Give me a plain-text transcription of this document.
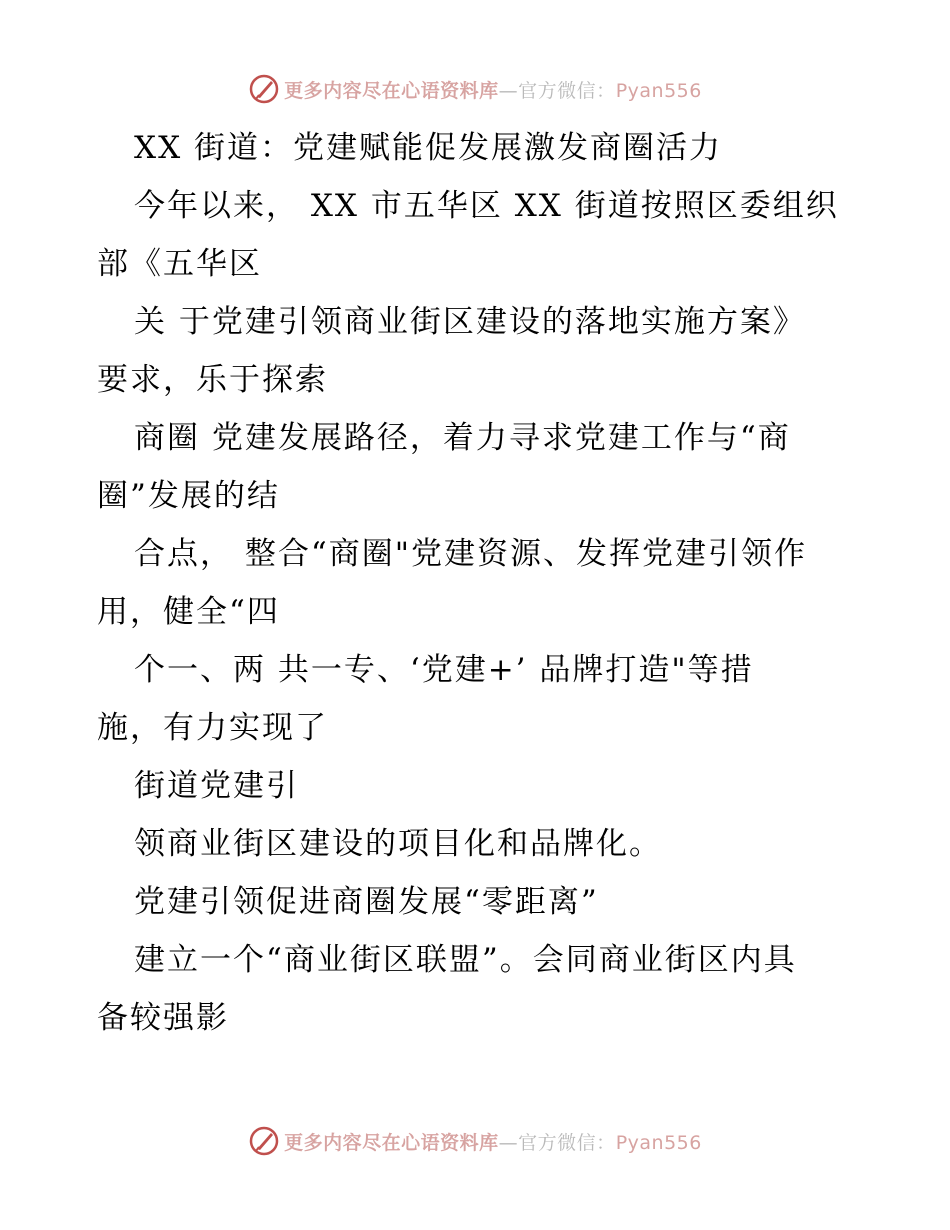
更多内容尽在心语资料库—官方微信：Pyan556
XX 街道：党建赋能促发展激发商圈活力
今年以来， XX 市五华区 XX 街道按照区委组织
部《五华区
关 于党建引领商业街区建设的落地实施方案》
要求，乐于探索
商圈 党建发展路径，着力寻求党建工作与“商
圈”发展的结
合点， 整合“商圈"党建资源、发挥党建引领作
用，健全“四
个一、两 共一专、‘党建+’ 品牌打造"等措
施，有力实现了
街道党建引
领商业街区建设的项目化和品牌化。
党建引领促进商圈发展“零距离”
建立一个“商业街区联盟”。会同商业街区内具
备较强影
更多内容尽在心语资料库—官方微信：Pyan556
